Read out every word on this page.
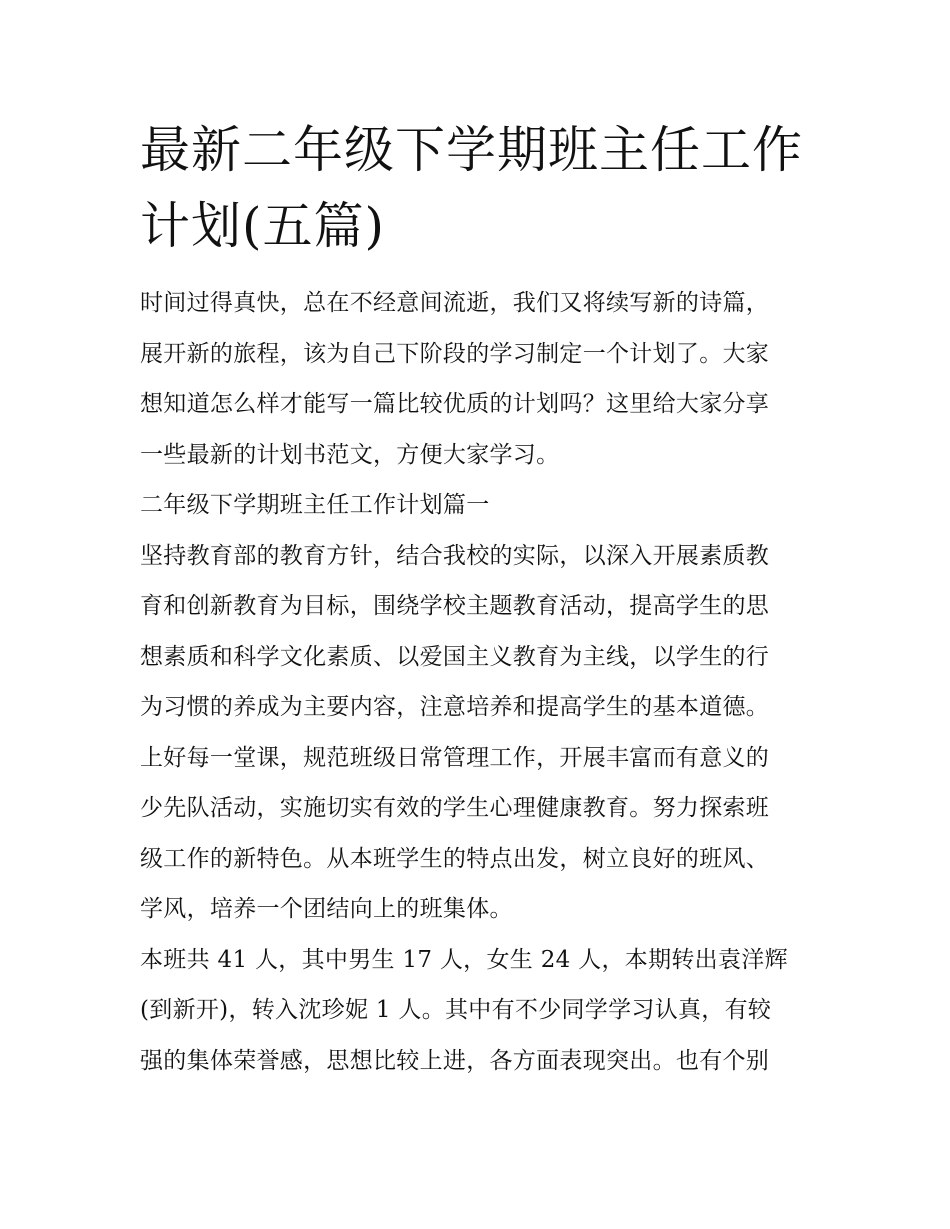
最新二年级下学期班主任工作
计划(五篇)

时间过得真快，总在不经意间流逝，我们又将续写新的诗篇，
展开新的旅程，该为自己下阶段的学习制定一个计划了。大家
想知道怎么样才能写一篇比较优质的计划吗？这里给大家分享
一些最新的计划书范文，方便大家学习。

二年级下学期班主任工作计划篇一

坚持教育部的教育方针，结合我校的实际，以深入开展素质教
育和创新教育为目标，围绕学校主题教育活动，提高学生的思
想素质和科学文化素质、以爱国主义教育为主线，以学生的行
为习惯的养成为主要内容，注意培养和提高学生的基本道德。
上好每一堂课，规范班级日常管理工作，开展丰富而有意义的
少先队活动，实施切实有效的学生心理健康教育。努力探索班
级工作的新特色。从本班学生的特点出发，树立良好的班风、
学风，培养一个团结向上的班集体。

本班共 41 人，其中男生 17 人，女生 24 人，本期转出袁洋辉
(到新开)，转入沈珍妮 1 人。其中有不少同学学习认真，有较
强的集体荣誉感，思想比较上进，各方面表现突出。也有个别
